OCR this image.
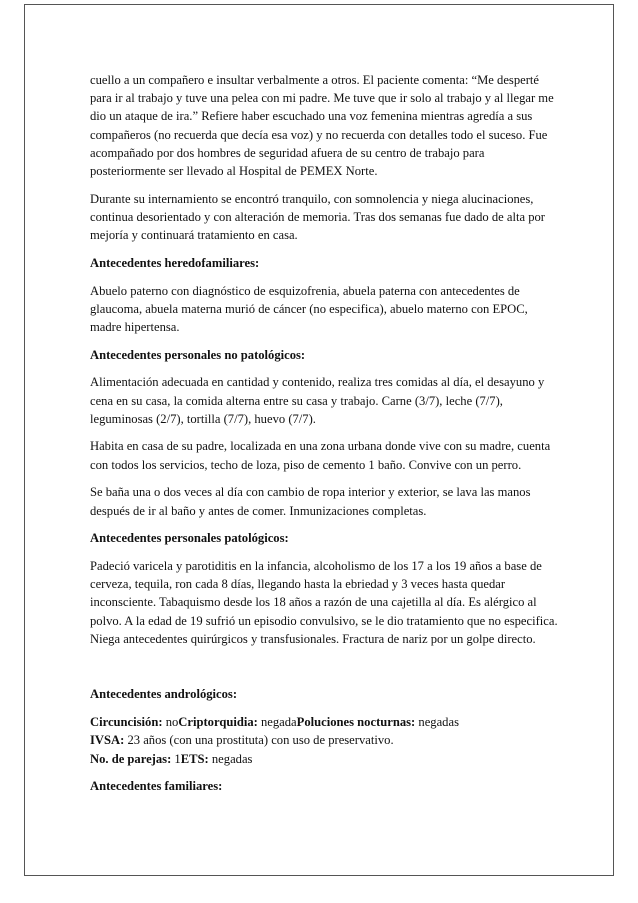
cuello a un compañero e insultar verbalmente a otros. El paciente comenta: “Me desperté para ir al trabajo y tuve una pelea con mi padre. Me tuve que ir solo al trabajo y al llegar me dio un ataque de ira.” Refiere haber escuchado una voz femenina mientras agredía a sus compañeros (no recuerda que decía esa voz) y no recuerda con detalles todo el suceso. Fue acompañado por dos hombres de seguridad afuera de su centro de trabajo para posteriormente ser llevado al Hospital de PEMEX Norte.

Durante su internamiento se encontró tranquilo, con somnolencia y niega alucinaciones, continua desorientado y con alteración de memoria. Tras dos semanas fue dado de alta por mejoría y continuará tratamiento en casa.

Antecedentes heredofamiliares:

Abuelo paterno con diagnóstico de esquizofrenia, abuela paterna con antecedentes de glaucoma, abuela materna murió de cáncer (no especifica), abuelo materno con EPOC, madre hipertensa.

Antecedentes personales no patológicos:

Alimentación adecuada en cantidad y contenido, realiza tres comidas al día, el desayuno y cena en su casa, la comida alterna entre su casa y trabajo. Carne (3/7), leche (7/7), leguminosas (2/7), tortilla (7/7), huevo (7/7).

Habita en casa de su padre, localizada en una zona urbana donde vive con su madre, cuenta con todos los servicios, techo de loza, piso de cemento 1 baño. Convive con un perro.

Se baña una o dos veces al día con cambio de ropa interior y exterior, se lava las manos después de ir al baño y antes de comer. Inmunizaciones completas.

Antecedentes personales patológicos:

Padeció varicela y parotiditis en la infancia, alcoholismo de los 17 a los 19 años a base de cerveza, tequila, ron cada 8 días, llegando hasta la ebriedad y 3 veces hasta quedar inconsciente. Tabaquismo desde los 18 años a razón de una cajetilla al día. Es alérgico al polvo. A la edad de 19 sufrió un episodio convulsivo, se le dio tratamiento que no especifica. Niega antecedentes quirúrgicos y transfusionales. Fractura de nariz por un golpe directo.

Antecedentes andrológicos:

Circuncisión: noCriptorquidia: negadaPoluciones nocturnas: negadas

IVSA: 23 años (con una prostituta) con uso de preservativo.

No. de parejas: 1ETS: negadas

Antecedentes familiares:
